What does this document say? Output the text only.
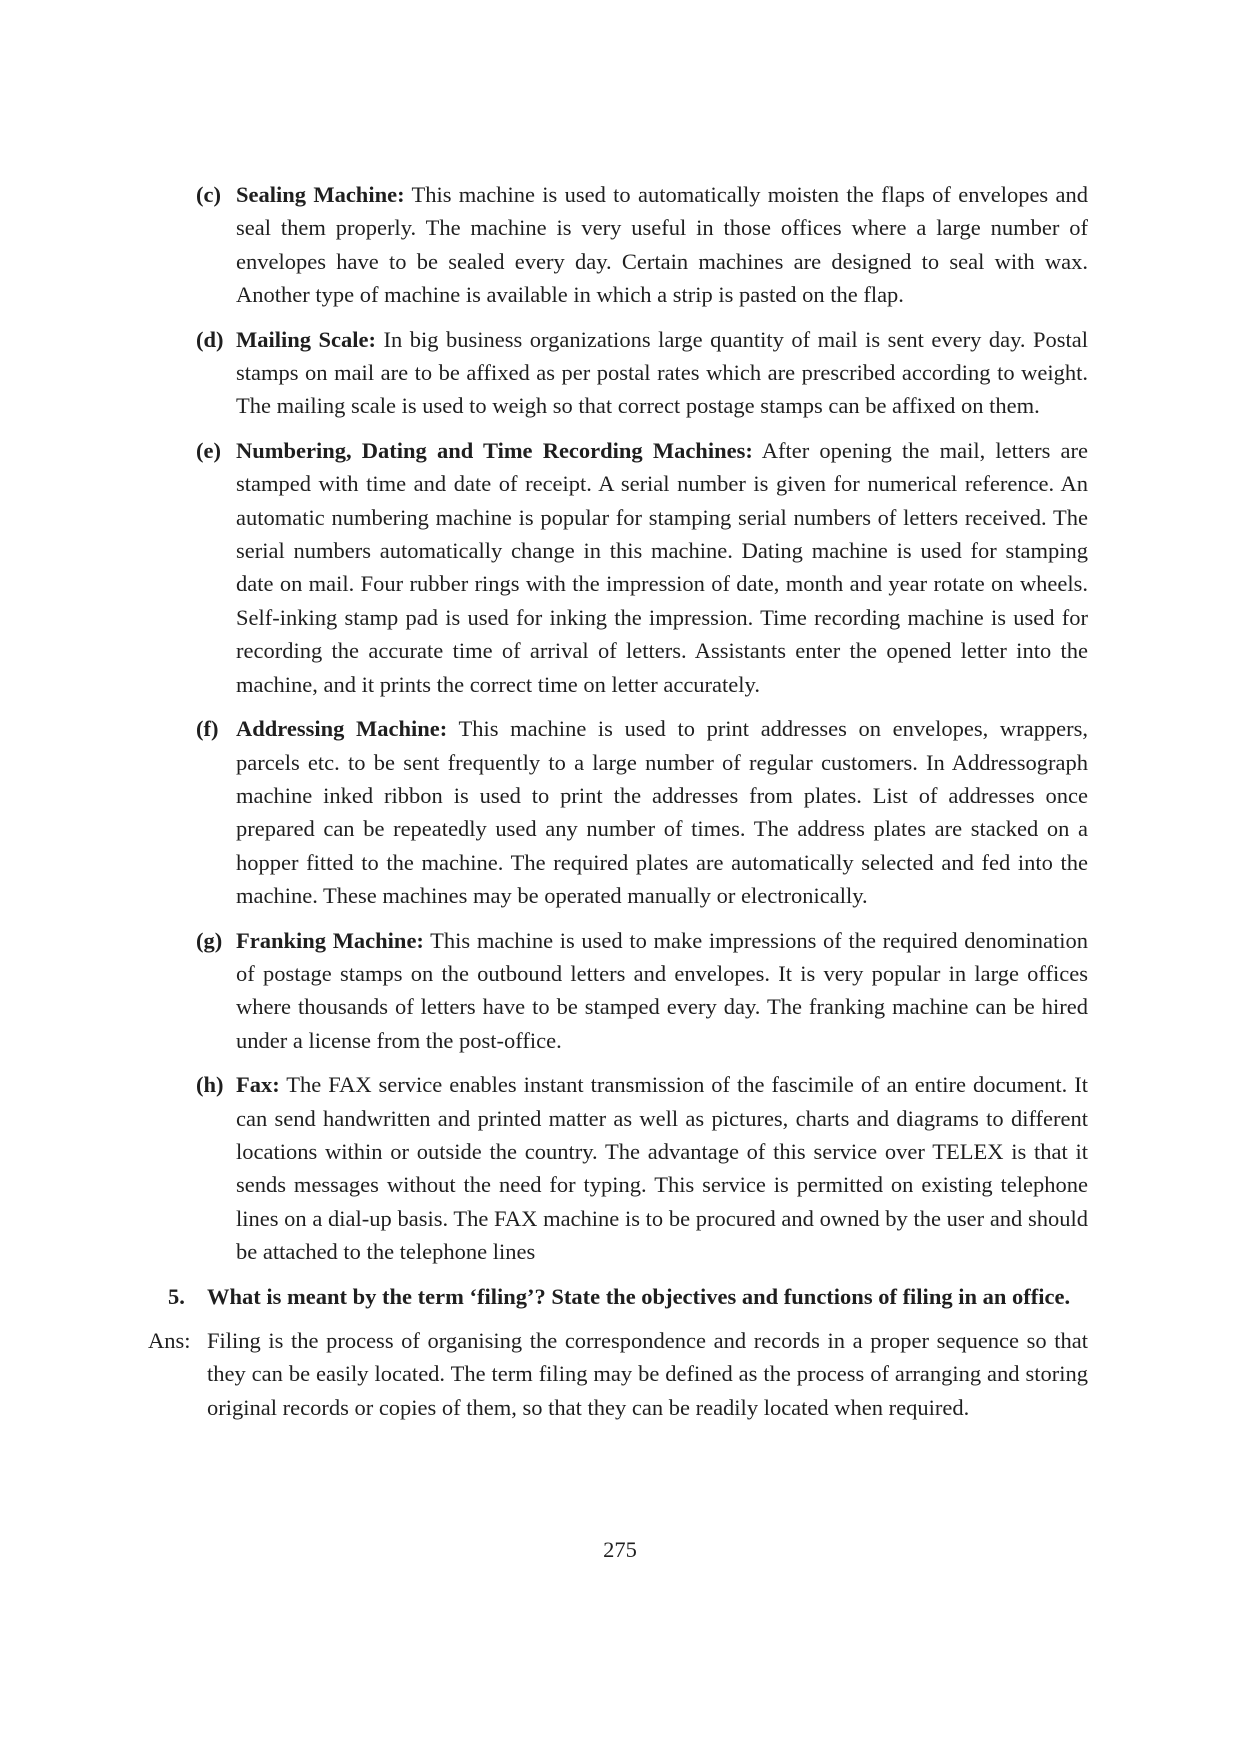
(c) Sealing Machine: This machine is used to automatically moisten the flaps of envelopes and seal them properly. The machine is very useful in those offices where a large number of envelopes have to be sealed every day. Certain machines are designed to seal with wax. Another type of machine is available in which a strip is pasted on the flap.
(d) Mailing Scale: In big business organizations large quantity of mail is sent every day. Postal stamps on mail are to be affixed as per postal rates which are prescribed according to weight. The mailing scale is used to weigh so that correct postage stamps can be affixed on them.
(e) Numbering, Dating and Time Recording Machines: After opening the mail, letters are stamped with time and date of receipt. A serial number is given for numerical reference. An automatic numbering machine is popular for stamping serial numbers of letters received. The serial numbers automatically change in this machine. Dating machine is used for stamping date on mail. Four rubber rings with the impression of date, month and year rotate on wheels. Self-inking stamp pad is used for inking the impression. Time recording machine is used for recording the accurate time of arrival of letters. Assistants enter the opened letter into the machine, and it prints the correct time on letter accurately.
(f) Addressing Machine: This machine is used to print addresses on envelopes, wrappers, parcels etc. to be sent frequently to a large number of regular customers. In Addressograph machine inked ribbon is used to print the addresses from plates. List of addresses once prepared can be repeatedly used any number of times. The address plates are stacked on a hopper fitted to the machine. The required plates are automatically selected and fed into the machine. These machines may be operated manually or electronically.
(g) Franking Machine: This machine is used to make impressions of the required denomination of postage stamps on the outbound letters and envelopes. It is very popular in large offices where thousands of letters have to be stamped every day. The franking machine can be hired under a license from the post-office.
(h) Fax: The FAX service enables instant transmission of the fascimile of an entire document. It can send handwritten and printed matter as well as pictures, charts and diagrams to different locations within or outside the country. The advantage of this service over TELEX is that it sends messages without the need for typing. This service is permitted on existing telephone lines on a dial-up basis. The FAX machine is to be procured and owned by the user and should be attached to the telephone lines
5. What is meant by the term ‘filing’? State the objectives and functions of filing in an office.
Ans: Filing is the process of organising the correspondence and records in a proper sequence so that they can be easily located. The term filing may be defined as the process of arranging and storing original records or copies of them, so that they can be readily located when required.
275
